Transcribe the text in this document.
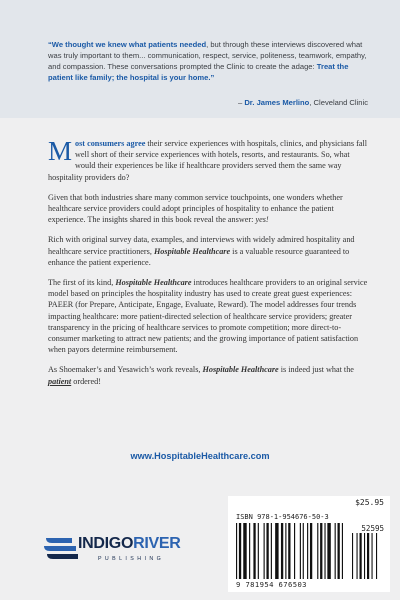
“We thought we knew what patients needed, but through these interviews discovered what was truly important to them... communication, respect, service, politeness, teamwork, empathy, and compassion. These conversations prompted the Clinic to create the adage: Treat the patient like family; the hospital is your home.”
– Dr. James Merlino, Cleveland Clinic

Most consumers agree their service experiences with hospitals, clinics, and physicians fall well short of their service experiences with hotels, resorts, and restaurants. So, what would their experiences be like if healthcare providers served them the same way hospitality providers do?

Given that both industries share many common service touchpoints, one wonders whether healthcare service providers could adopt principles of hospitality to enhance the patient experience. The insights shared in this book reveal the answer: yes!

Rich with original survey data, examples, and interviews with widely admired hospitality and healthcare service practitioners, Hospitable Healthcare is a valuable resource guaranteed to enhance the patient experience.

The first of its kind, Hospitable Healthcare introduces healthcare providers to an original service model based on principles the hospitality industry has used to create great guest experiences: PAEER (for Prepare, Anticipate, Engage, Evaluate, Reward). The model addresses four trends impacting healthcare: more patient-directed selection of healthcare service providers; greater transparency in the pricing of healthcare services to promote competition; more direct-to-consumer marketing to attract new patients; and the growing importance of patient satisfaction when payors determine reimbursement.

As Shoemaker’s and Yesawich’s work reveals, Hospitable Healthcare is indeed just what the patient ordered!

www.HospitableHealthcare.com
INDIGORIVER
PUBLISHING
$25.95
ISBN 978-1-954676-50-3
52595
9 781954 676503
